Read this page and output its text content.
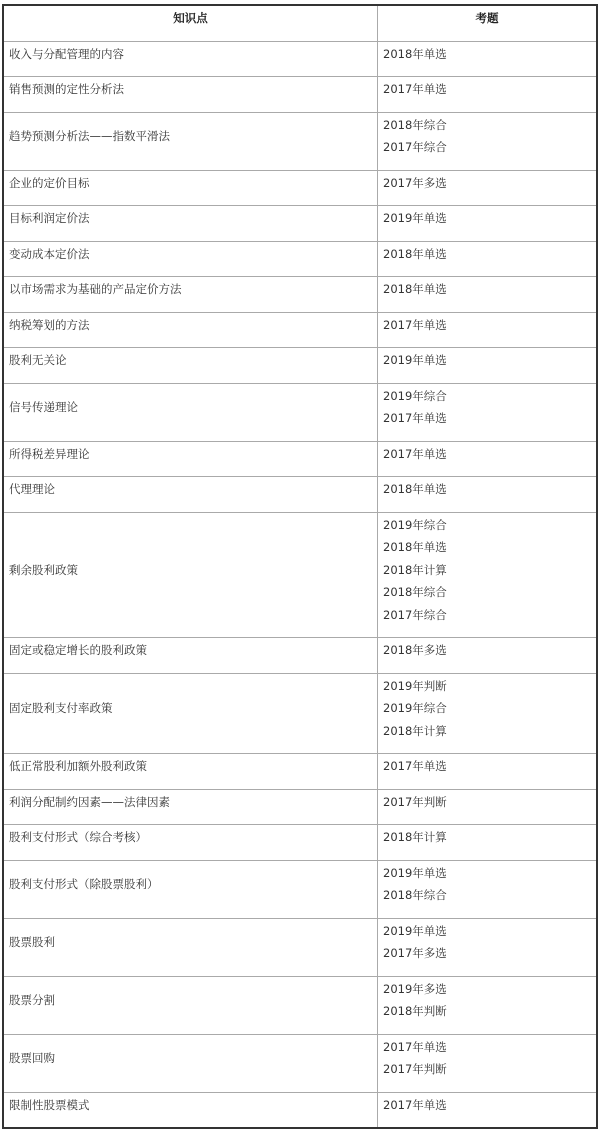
知识点	考题
收入与分配管理的内容	2018年单选

销售预测的定性分析法	2017年单选

趋势预测分析法——指数平滑法	2018年综合
2017年综合

企业的定价目标	2017年多选

目标利润定价法	2019年单选

变动成本定价法	2018年单选

以市场需求为基础的产品定价方法	2018年单选

纳税筹划的方法	2017年单选

股利无关论	2019年单选

信号传递理论	2019年综合
2017年单选

所得税差异理论	2017年单选

代理理论	2018年单选

剩余股利政策	2019年综合
2018年单选
2018年计算
2018年综合
2017年综合

固定或稳定增长的股利政策	2018年多选

固定股利支付率政策	2019年判断
2019年综合
2018年计算

低正常股利加额外股利政策	2017年单选

利润分配制约因素——法律因素	2017年判断

股利支付形式（综合考核）	2018年计算

股利支付形式（除股票股利）	2019年单选
2018年综合

股票股利	2019年单选
2017年多选

股票分割	2019年多选
2018年判断

股票回购	2017年单选
2017年判断

限制性股票模式	2017年单选
